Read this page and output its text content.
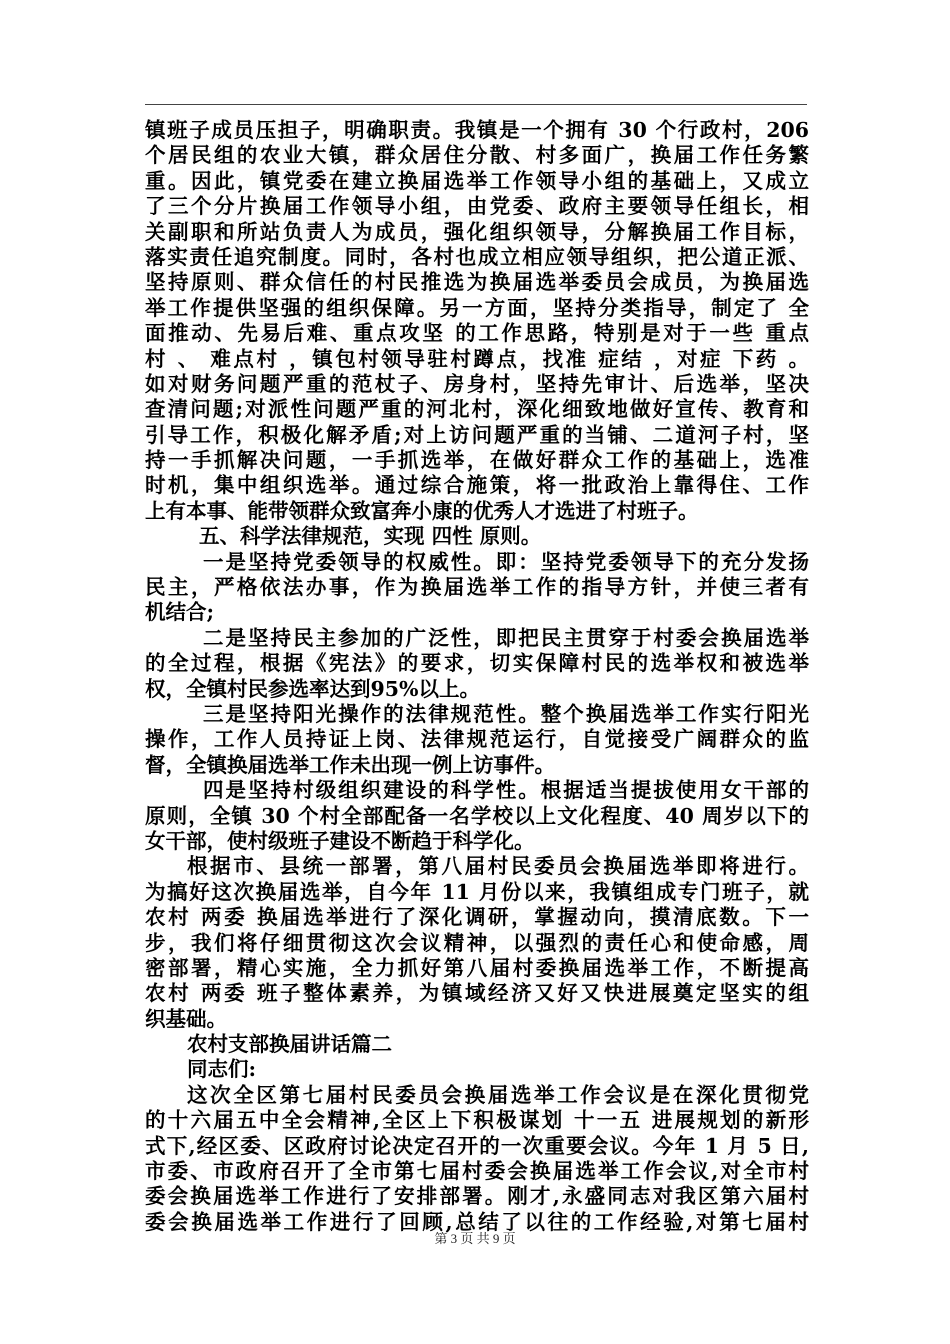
镇班子成员压担子，明确职责。我镇是一个拥有 30 个行政村，206
个居民组的农业大镇，群众居住分散、村多面广，换届工作任务繁
重。因此，镇党委在建立换届选举工作领导小组的基础上，又成立
了三个分片换届工作领导小组，由党委、政府主要领导任组长，相
关副职和所站负责人为成员，强化组织领导，分解换届工作目标，
落实责任追究制度。同时，各村也成立相应领导组织，把公道正派、
坚持原则、群众信任的村民推选为换届选举委员会成员，为换届选
举工作提供坚强的组织保障。另一方面，坚持分类指导，制定了 全
面推动、先易后难、重点攻坚 的工作思路，特别是对于一些 重点
村 、 难点村 ，镇包村领导驻村蹲点，找准 症结 ，对症 下药 。
如对财务问题严重的范杖子、房身村，坚持先审计、后选举，坚决
查清问题;对派性问题严重的河北村，深化细致地做好宣传、教育和
引导工作，积极化解矛盾;对上访问题严重的当铺、二道河子村，坚
持一手抓解决问题，一手抓选举，在做好群众工作的基础上，选准
时机，集中组织选举。通过综合施策，将一批政治上靠得住、工作
上有本事、能带领群众致富奔小康的优秀人才选进了村班子。
五、科学法律规范，实现 四性 原则。
一是坚持党委领导的权威性。即：坚持党委领导下的充分发扬
民主，严格依法办事，作为换届选举工作的指导方针，并使三者有
机结合;
二是坚持民主参加的广泛性，即把民主贯穿于村委会换届选举
的全过程，根据《宪法》的要求，切实保障村民的选举权和被选举
权，全镇村民参选率达到95%以上。
三是坚持阳光操作的法律规范性。整个换届选举工作实行阳光
操作，工作人员持证上岗、法律规范运行，自觉接受广阔群众的监
督，全镇换届选举工作未出现一例上访事件。
四是坚持村级组织建设的科学性。根据适当提拔使用女干部的
原则，全镇 30 个村全部配备一名学校以上文化程度、40 周岁以下的
女干部，使村级班子建设不断趋于科学化。
根据市、县统一部署，第八届村民委员会换届选举即将进行。
为搞好这次换届选举，自今年 11 月份以来，我镇组成专门班子，就
农村 两委 换届选举进行了深化调研，掌握动向，摸清底数。下一
步，我们将仔细贯彻这次会议精神，以强烈的责任心和使命感，周
密部署，精心实施，全力抓好第八届村委换届选举工作，不断提高
农村 两委 班子整体素养，为镇域经济又好又快进展奠定坚实的组
织基础。
农村支部换届讲话篇二
同志们:
这次全区第七届村民委员会换届选举工作会议是在深化贯彻党
的十六届五中全会精神,全区上下积极谋划 十一五 进展规划的新形
式下,经区委、区政府讨论决定召开的一次重要会议。今年 1 月 5 日,
市委、市政府召开了全市第七届村委会换届选举工作会议,对全市村
委会换届选举工作进行了安排部署。刚才,永盛同志对我区第六届村
委会换届选举工作进行了回顾,总结了以往的工作经验,对第七届村
第 3 页 共 9 页
